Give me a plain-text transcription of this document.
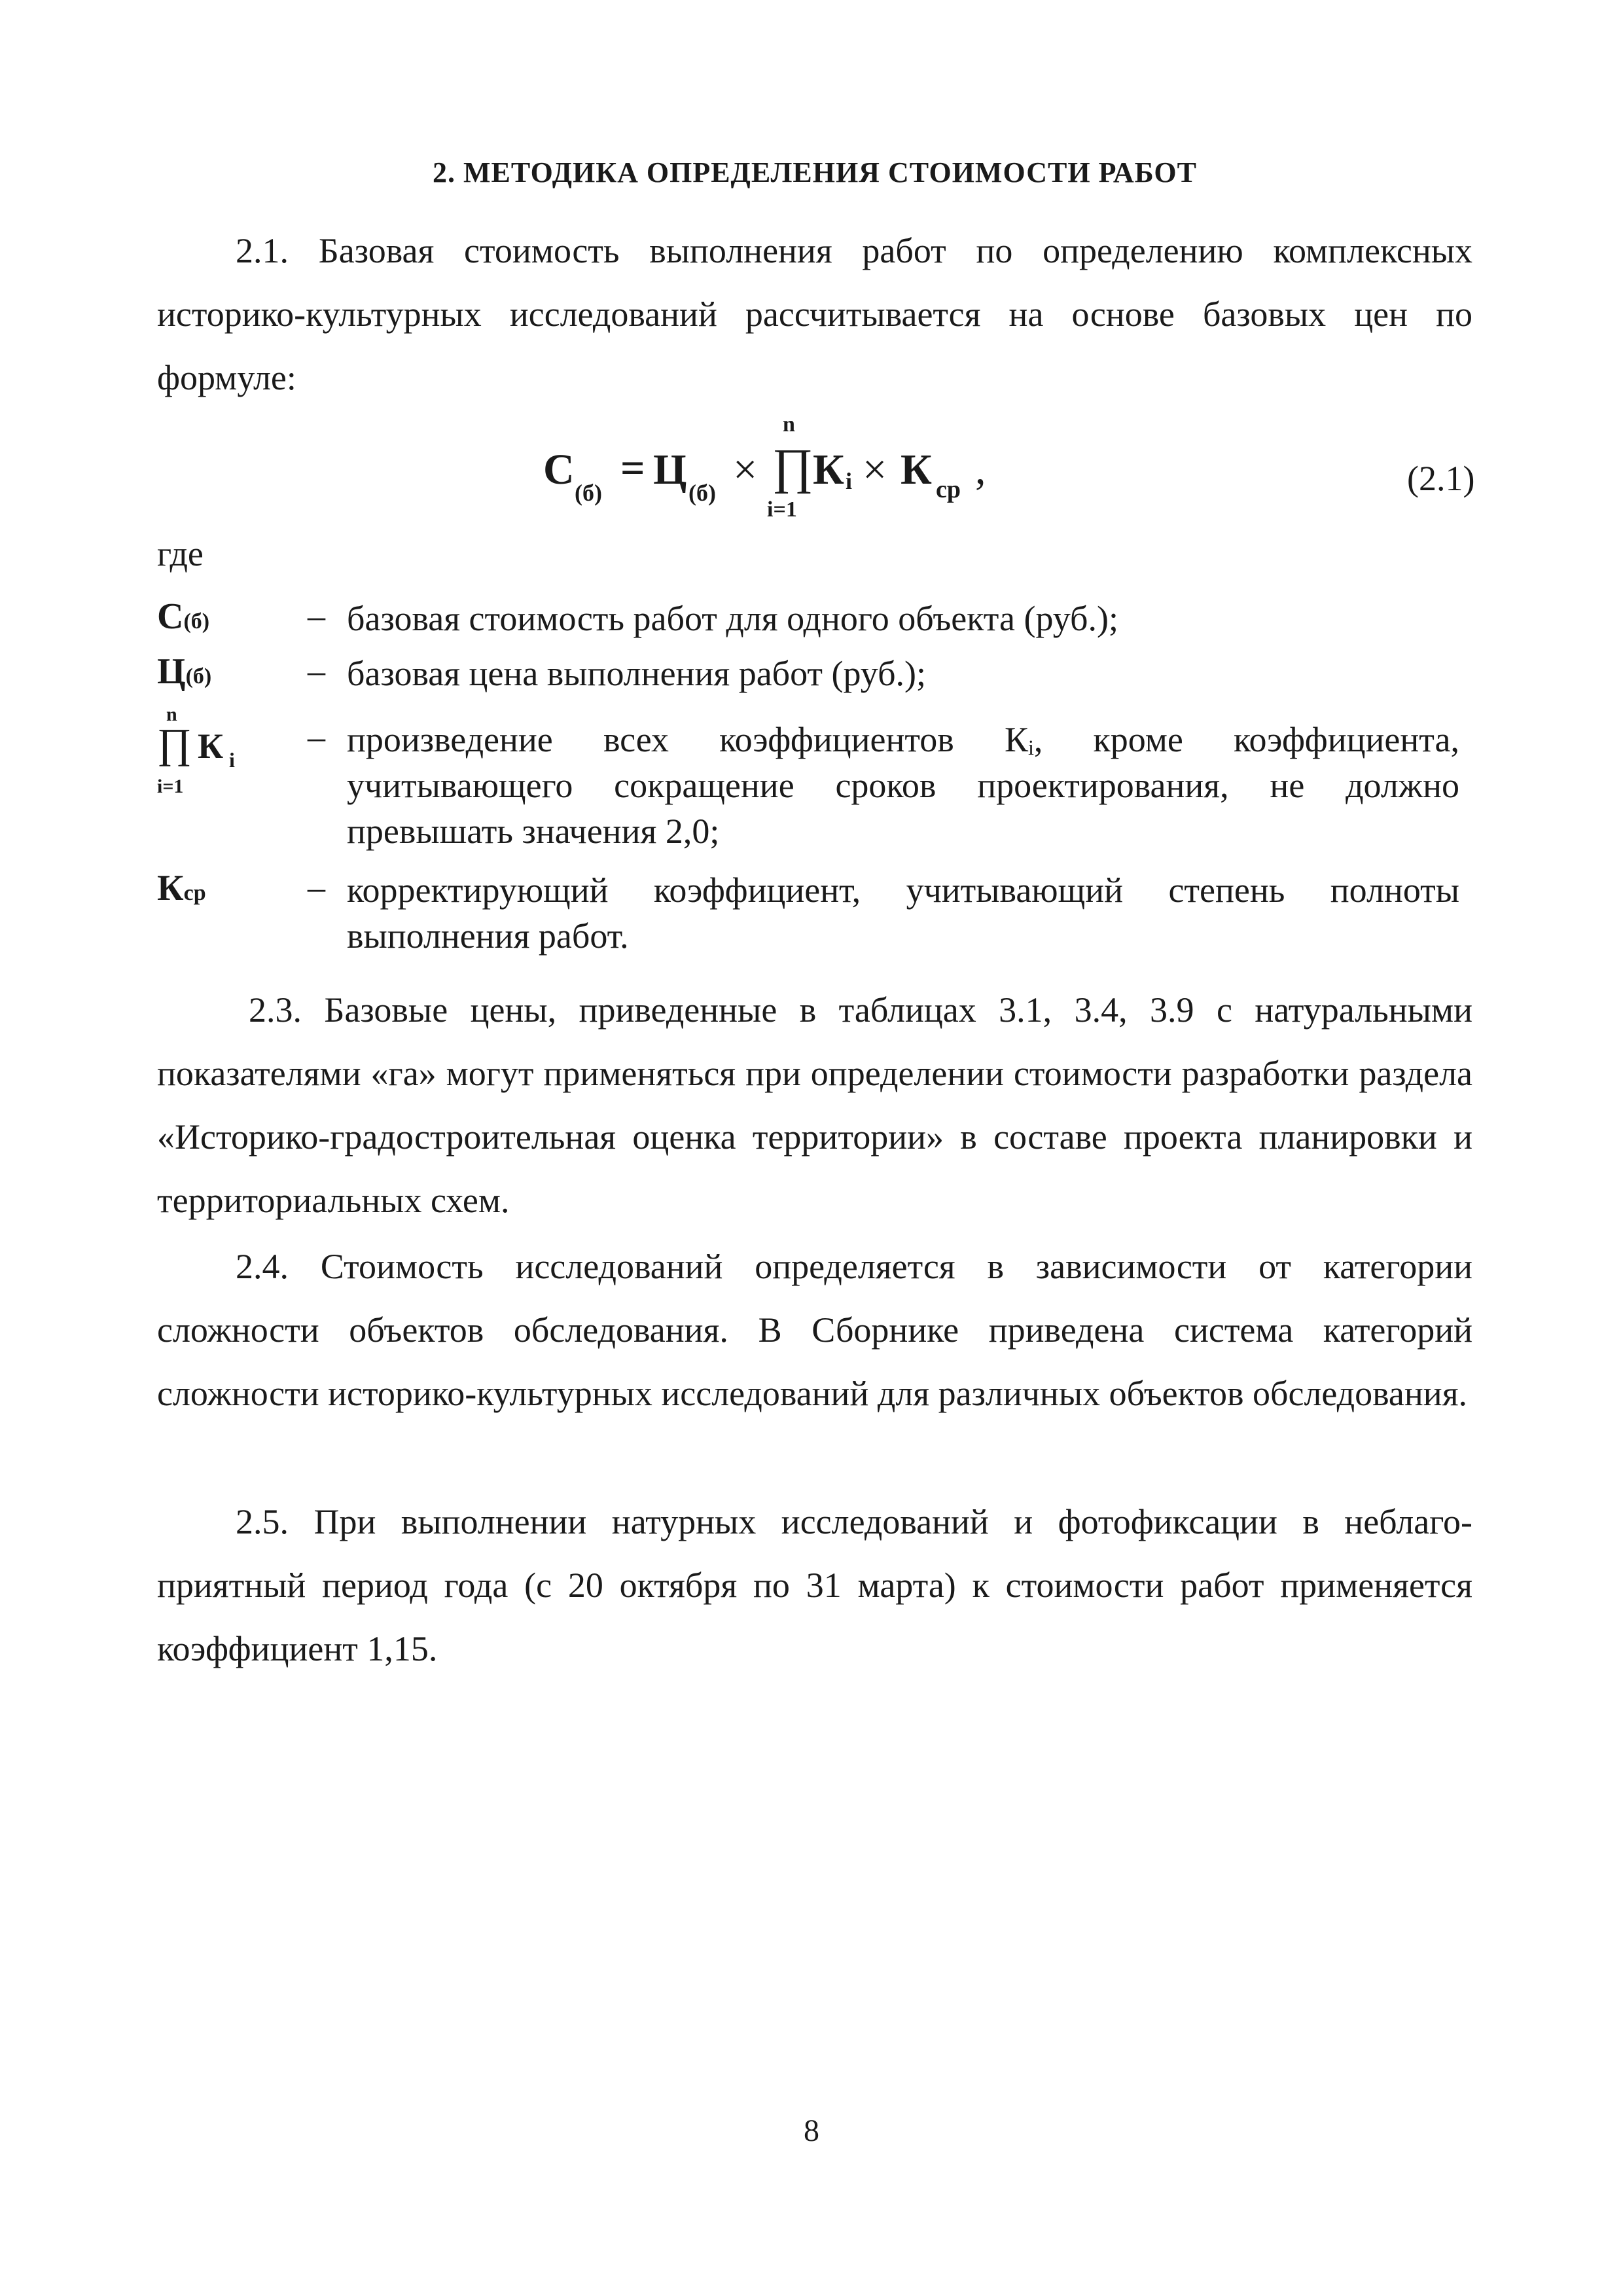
2. МЕТОДИКА ОПРЕДЕЛЕНИЯ СТОИМОСТИ РАБОТ

2.1. Базовая стоимость выполнения работ по определению комплексных историко-культурных исследований рассчитывается на основе базовых цен по формуле:

С (б)
= Ц (б) × ∏
n
i=1
К i × К ср ,	(2.1)
где
С(б)	– базовая стоимость работ для одного объекта (руб.);

Ц(б)	– базовая цена выполнения работ (руб.);

n
∏ К i
i=1
– произведение всех коэффициентов Кᵢ, кроме коэффициента, учитывающего сокращение сроков проектирования, не должно превышать значения 2,0;

Кср	– корректирующий коэффициент, учитывающий степень полноты выполнения работ.

2.3. Базовые цены, приведенные в таблицах 3.1, 3.4, 3.9 с натуральными показателями «га» могут применяться при определении стоимости разработки раздела «Историко-градостроительная оценка территории» в составе проекта планировки и территориальных схем.

2.4. Стоимость исследований определяется в зависимости от категории сложности объектов обследования. В Сборнике приведена система категорий сложности историко-культурных исследований для различных объектов обследования.

2.5. При выполнении натурных исследований и фотофиксации в неблаго-приятный период года (с 20 октября по 31 марта) к стоимости работ применяется коэффициент 1,15.

8
